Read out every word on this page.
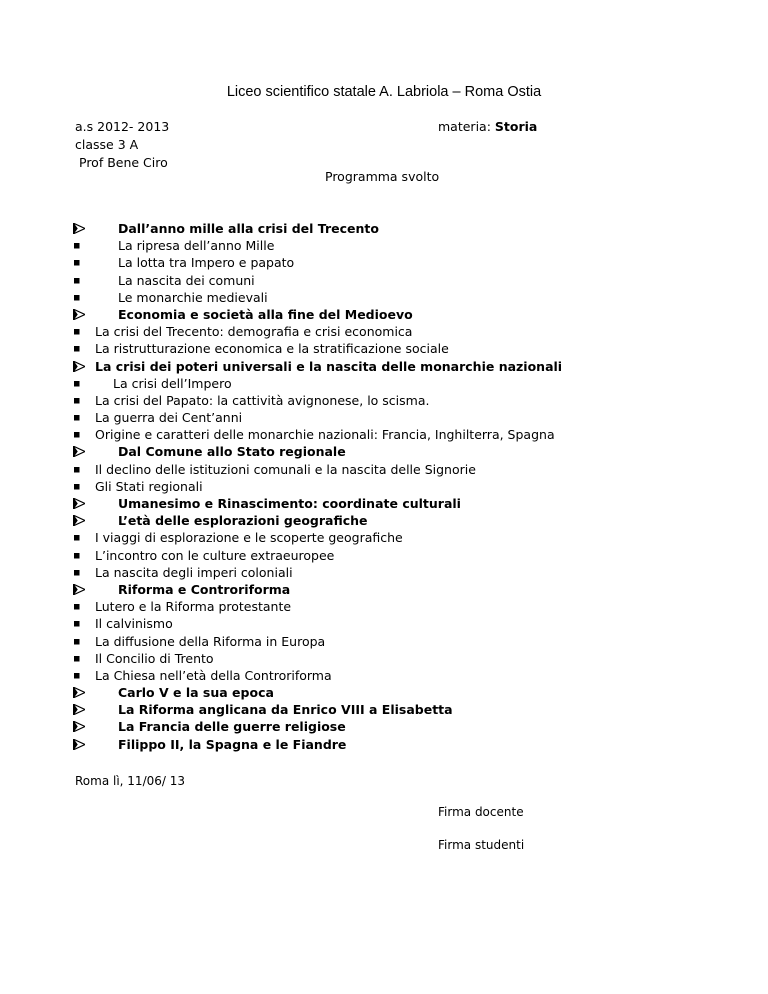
Liceo scientifico statale A. Labriola – Roma Ostia
a.s 2012- 2013
classe 3 A
Prof Bene Ciro
materia: Storia
Programma svolto
Dall’anno mille alla crisi del Trecento
La ripresa dell’anno Mille
La lotta tra Impero e papato
La nascita dei comuni
Le monarchie medievali
Economia e società alla fine del Medioevo
La crisi del Trecento: demografia e crisi economica
La ristrutturazione economica e la stratificazione sociale
La crisi dei poteri universali e la nascita delle monarchie nazionali
La crisi dell’Impero
La crisi del Papato: la cattività avignonese, lo scisma.
La guerra dei Cent’anni
Origine e caratteri delle monarchie nazionali: Francia, Inghilterra, Spagna
Dal Comune allo Stato regionale
Il declino delle istituzioni comunali e la nascita delle Signorie
Gli Stati regionali
Umanesimo e Rinascimento: coordinate culturali
L’età delle esplorazioni geografiche
I viaggi di esplorazione e le scoperte geografiche
L’incontro con le culture extraeuropee
La nascita degli imperi coloniali
Riforma e Controriforma
Lutero e la Riforma protestante
Il calvinismo
La diffusione della Riforma in Europa
Il Concilio di Trento
La Chiesa nell’età della Controriforma
Carlo V e la sua epoca
La Riforma anglicana da Enrico VIII a Elisabetta
La Francia delle guerre religiose
Filippo II, la Spagna e le Fiandre
Roma lì, 11/06/ 13
Firma docente
Firma studenti
